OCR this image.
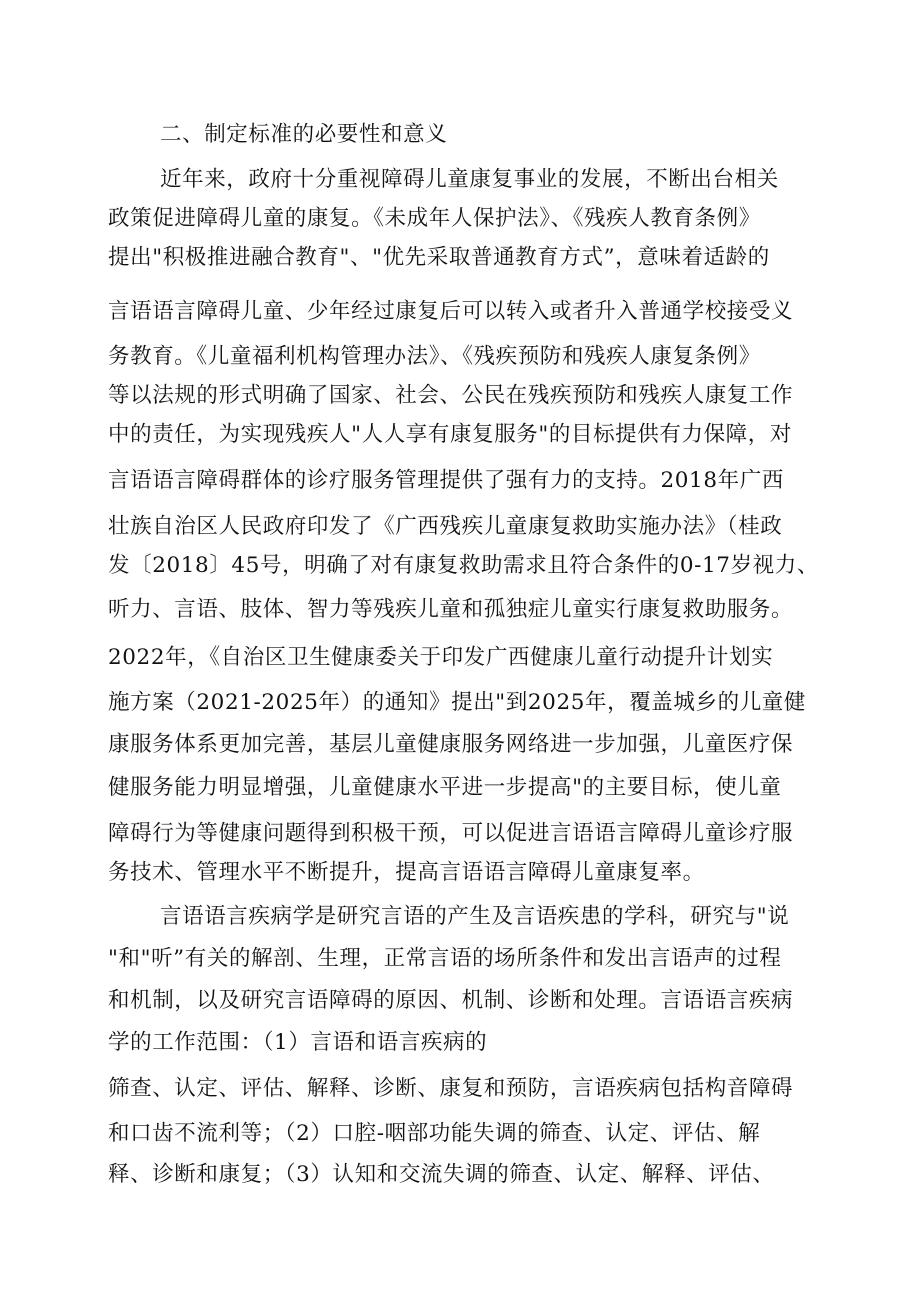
二、制定标准的必要性和意义
近年来，政府十分重视障碍儿童康复事业的发展，不断出台相关
政策促进障碍儿童的康复。《未成年人保护法》、《残疾人教育条例》
提出"积极推进融合教育"、"优先采取普通教育方式”，意味着适龄的
言语语言障碍儿童、少年经过康复后可以转入或者升入普通学校接受义
务教育。《儿童福利机构管理办法》、《残疾预防和残疾人康复条例》
等以法规的形式明确了国家、社会、公民在残疾预防和残疾人康复工作
中的责任，为实现残疾人"人人享有康复服务"的目标提供有力保障，对
言语语言障碍群体的诊疗服务管理提供了强有力的支持。2018年广西
壮族自治区人民政府印发了《广西残疾儿童康复救助实施办法》（桂政
发〔2018〕45号，明确了对有康复救助需求且符合条件的0-17岁视力、
听力、言语、肢体、智力等残疾儿童和孤独症儿童实行康复救助服务。
2022年，《自治区卫生健康委关于印发广西健康儿童行动提升计划实
施方案（2021-2025年）的通知》提出"到2025年，覆盖城乡的儿童健
康服务体系更加完善，基层儿童健康服务网络进一步加强，儿童医疗保
健服务能力明显增强，儿童健康水平进一步提高"的主要目标，使儿童
障碍行为等健康问题得到积极干预，可以促进言语语言障碍儿童诊疗服
务技术、管理水平不断提升，提高言语语言障碍儿童康复率。
言语语言疾病学是研究言语的产生及言语疾患的学科，研究与"说
"和"听”有关的解剖、生理，正常言语的场所条件和发出言语声的过程
和机制，以及研究言语障碍的原因、机制、诊断和处理。言语语言疾病
学的工作范围：（1）言语和语言疾病的
筛查、认定、评估、解释、诊断、康复和预防，言语疾病包括构音障碍
和口齿不流利等；（2）口腔-咽部功能失调的筛查、认定、评估、解
释、诊断和康复；（3）认知和交流失调的筛查、认定、解释、评估、
